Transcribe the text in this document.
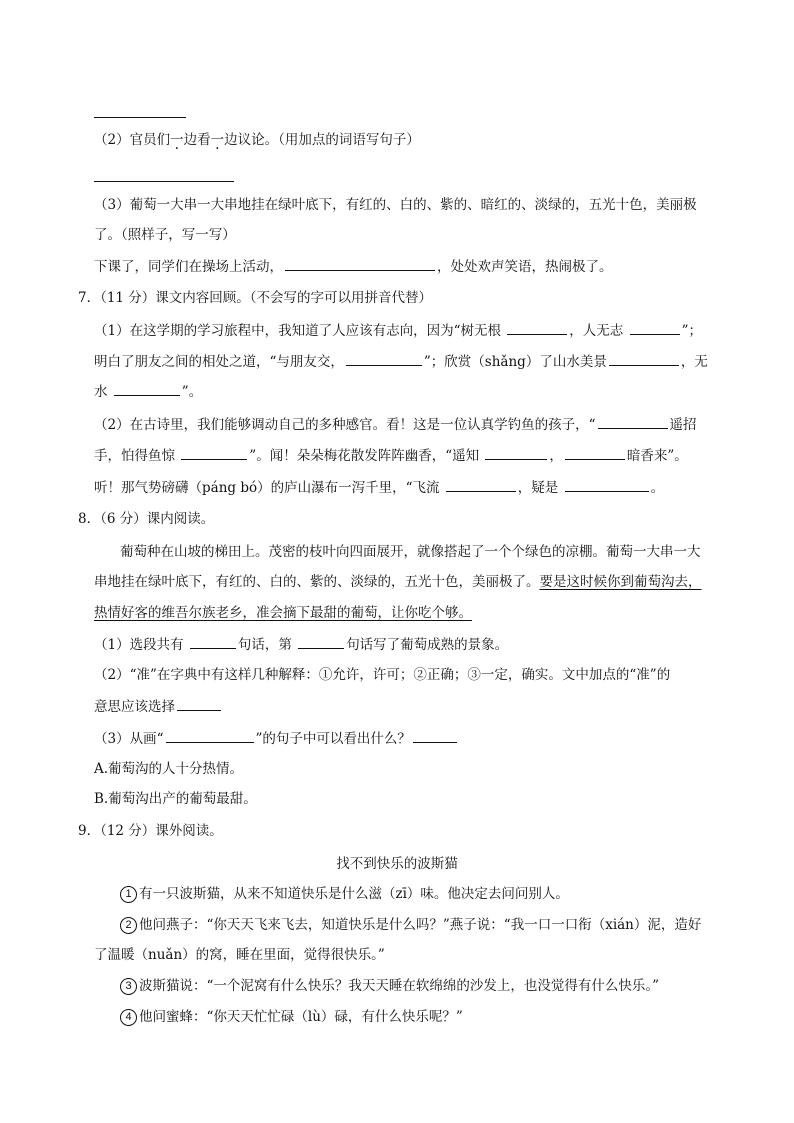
（2）官员们一边看一边议论。（用加点的词语写句子）
（3）葡萄一大串一大串地挂在绿叶底下，有红的、白的、紫的、暗红的、淡绿的，五光十色，美丽极
了。（照样子，写一写）
下课了，同学们在操场上活动，	，处处欢声笑语，热闹极了。
7．（11 分）课文内容回顾。（不会写的字可以用拼音代替）
（1）在这学期的学习旅程中，我知道了人应该有志向，因为“树无根	，人无志	”；
明白了朋友之间的相处之道，“与朋友交，	”；欣赏（shǎng）了山水美景	，无
水	”。
（2）在古诗里，我们能够调动自己的多种感官。看！这是一位认真学钓鱼的孩子，“	遥招
手，怕得鱼惊	”。闻！朵朵梅花散发阵阵幽香，“遥知	，	暗香来”。
听！那气势磅礴（páng bó）的庐山瀑布一泻千里，“飞流	，疑是	。
8．（6 分）课内阅读。
葡萄种在山坡的梯田上。茂密的枝叶向四面展开，就像搭起了一个个绿色的凉棚。葡萄一大串一大
串地挂在绿叶底下，有红的、白的、紫的、淡绿的，五光十色，美丽极了。要是这时候你到葡萄沟去，
热情好客的维吾尔族老乡，准会摘下最甜的葡萄，让你吃个够。
（1）选段共有	句话，第	句话写了葡萄成熟的景象。
（2）“准”在字典中有这样几种解释：①允许，许可；②正确；③一定，确实。文中加点的“准”的
意思应该选择
（3）从画“	”的句子中可以看出什么？
A.葡萄沟的人十分热情。
B.葡萄沟出产的葡萄最甜。
9．（12 分）课外阅读。
找不到快乐的波斯猫
1 有一只波斯猫，从来不知道快乐是什么滋（zī）味。他决定去问问别人。
2 他问燕子：“你天天飞来飞去，知道快乐是什么吗？”燕子说：“我一口一口衔（xián）泥，造好
了温暖（nuǎn）的窝，睡在里面，觉得很快乐。”
3 波斯猫说：“一个泥窝有什么快乐？我天天睡在软绵绵的沙发上，也没觉得有什么快乐。”
4 他问蜜蜂：“你天天忙忙碌（lù）碌，有什么快乐呢？”
